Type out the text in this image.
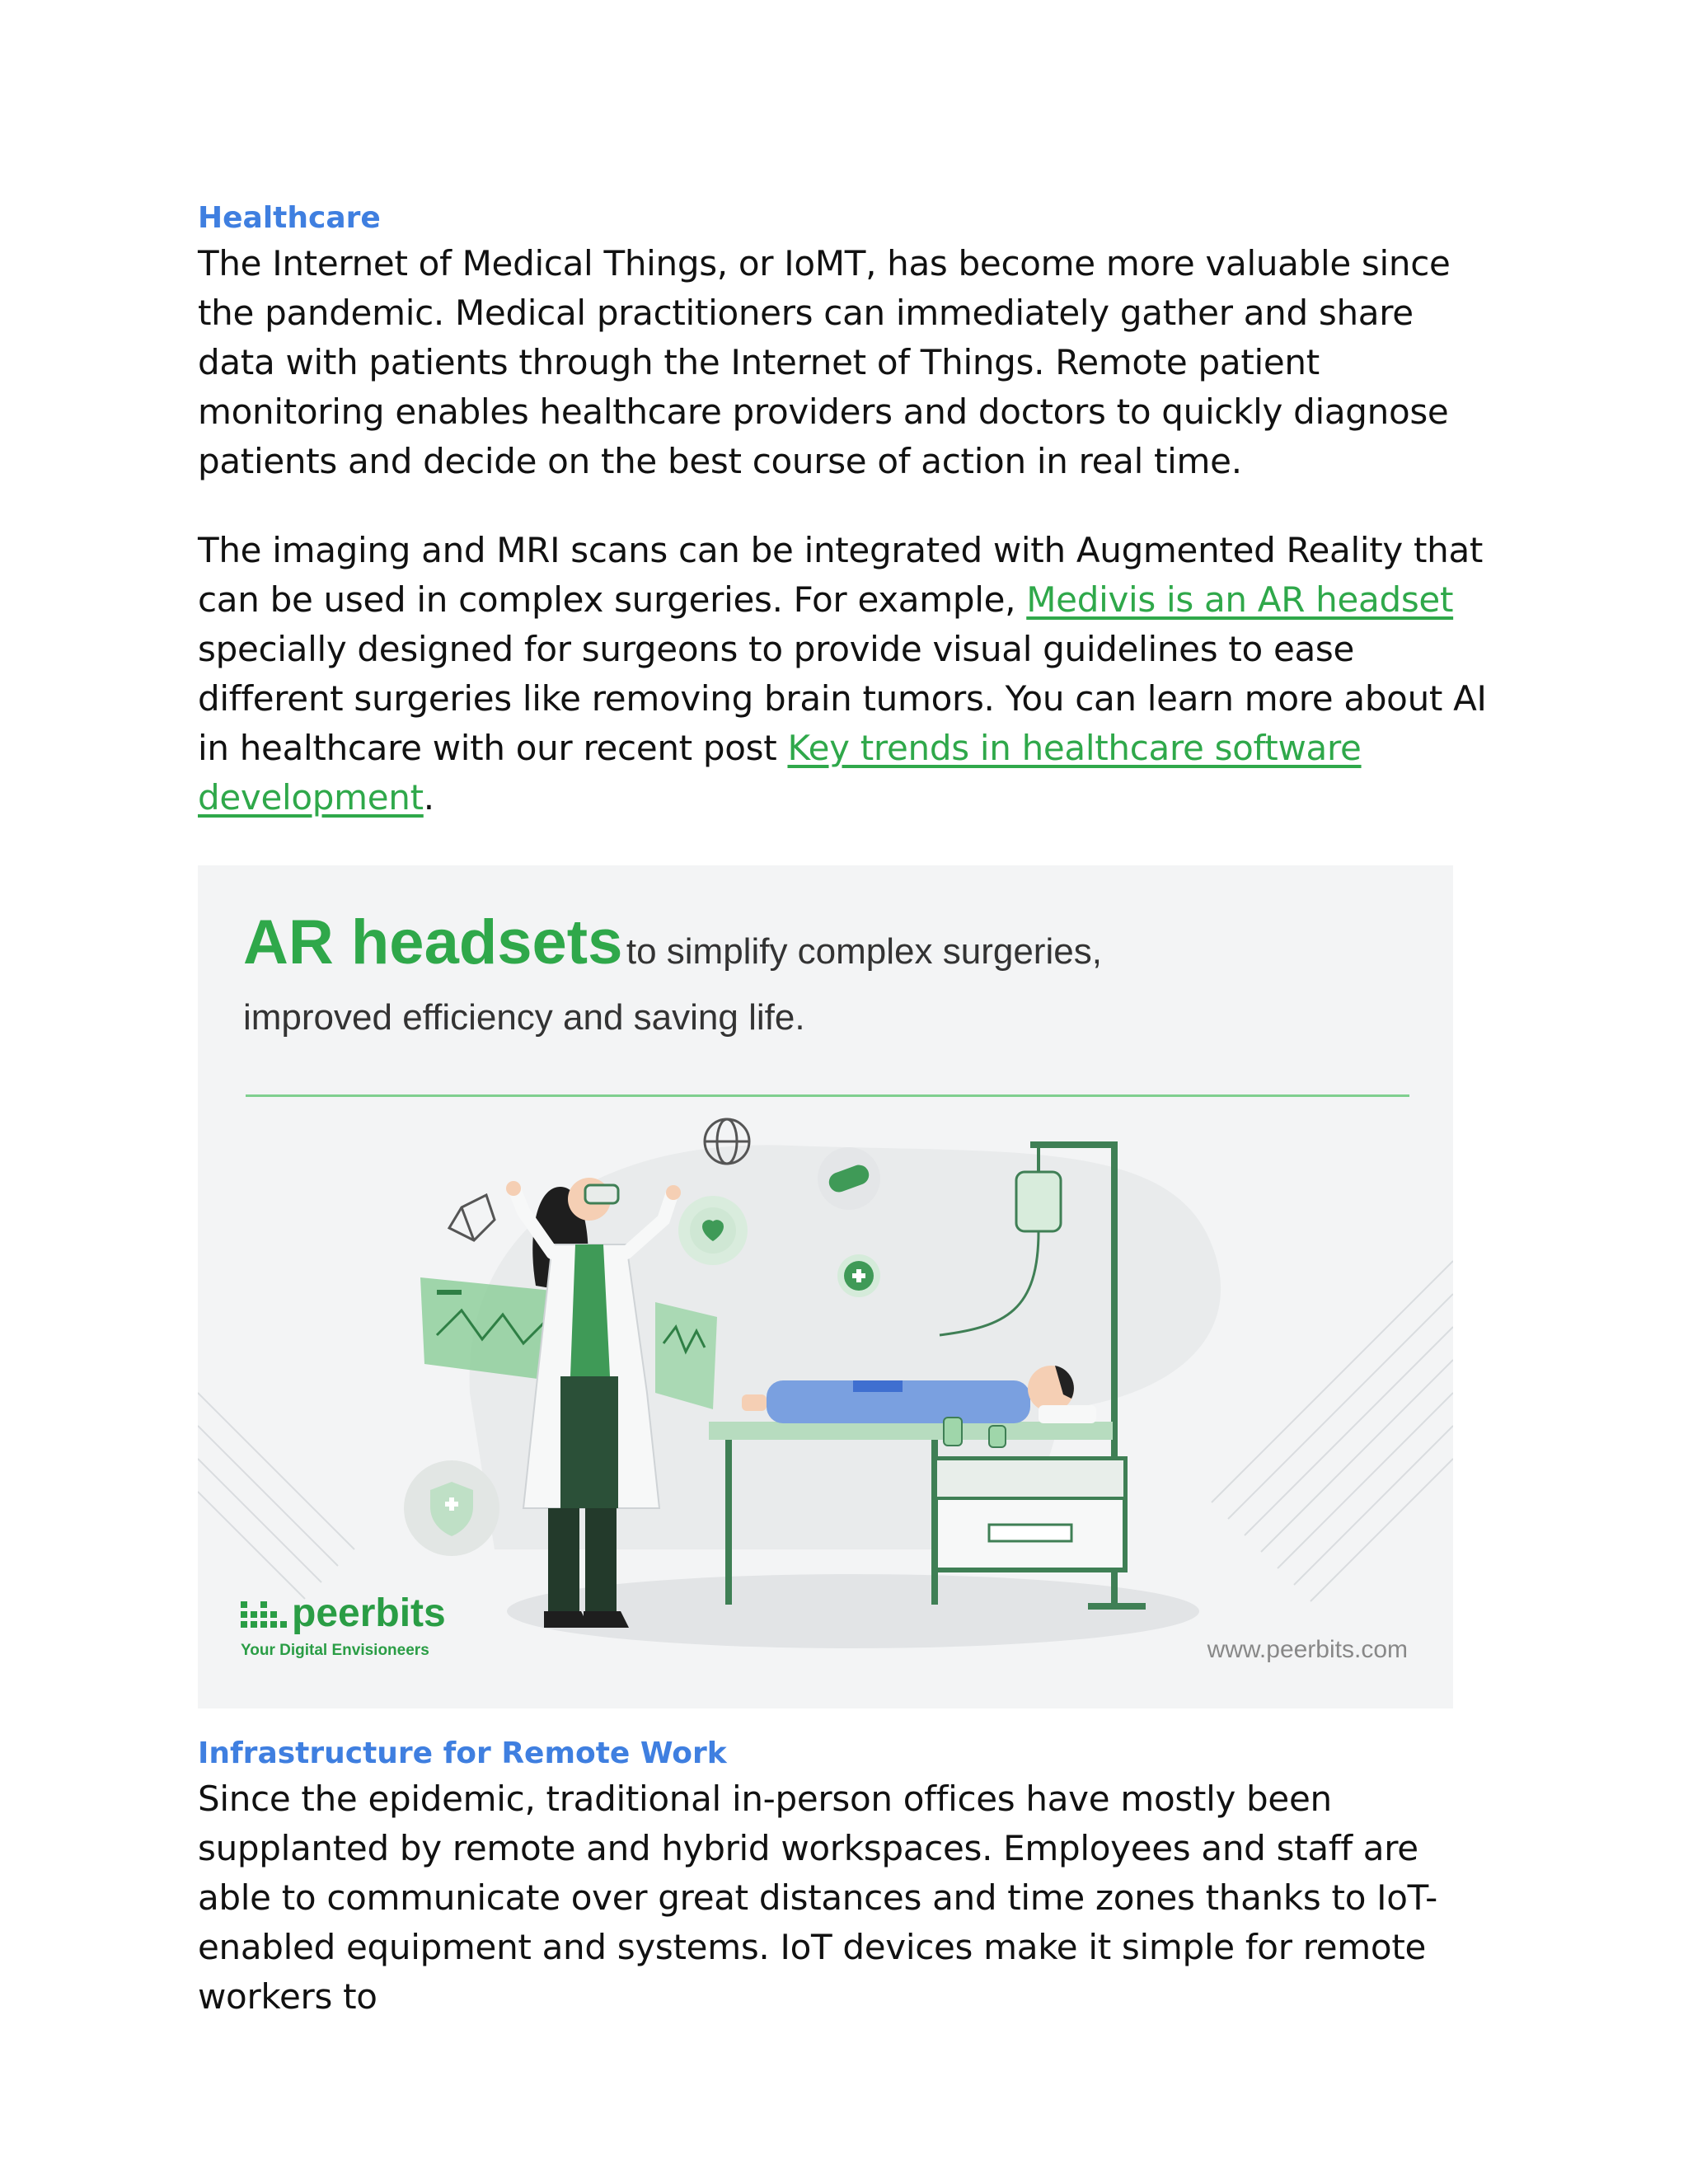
Healthcare

The Internet of Medical Things, or IoMT, has become more valuable since the pandemic. Medical practitioners can immediately gather and share data with patients through the Internet of Things. Remote patient monitoring enables healthcare providers and doctors to quickly diagnose patients and decide on the best course of action in real time.

The imaging and MRI scans can be integrated with Augmented Reality that can be used in complex surgeries. For example, Medivis is an AR headset specially designed for surgeons to provide visual guidelines to ease different surgeries like removing brain tumors. You can learn more about AI in healthcare with our recent post Key trends in healthcare software development.

AR headsets to simplify complex surgeries,
improved efficiency and saving life.
peerbits
Your Digital Envisioneers	www.peerbits.com
Infrastructure for Remote Work

Since the epidemic, traditional in-person offices have mostly been supplanted by remote and hybrid workspaces. Employees and staff are able to communicate over great distances and time zones thanks to IoT-enabled equipment and systems. IoT devices make it simple for remote workers to
